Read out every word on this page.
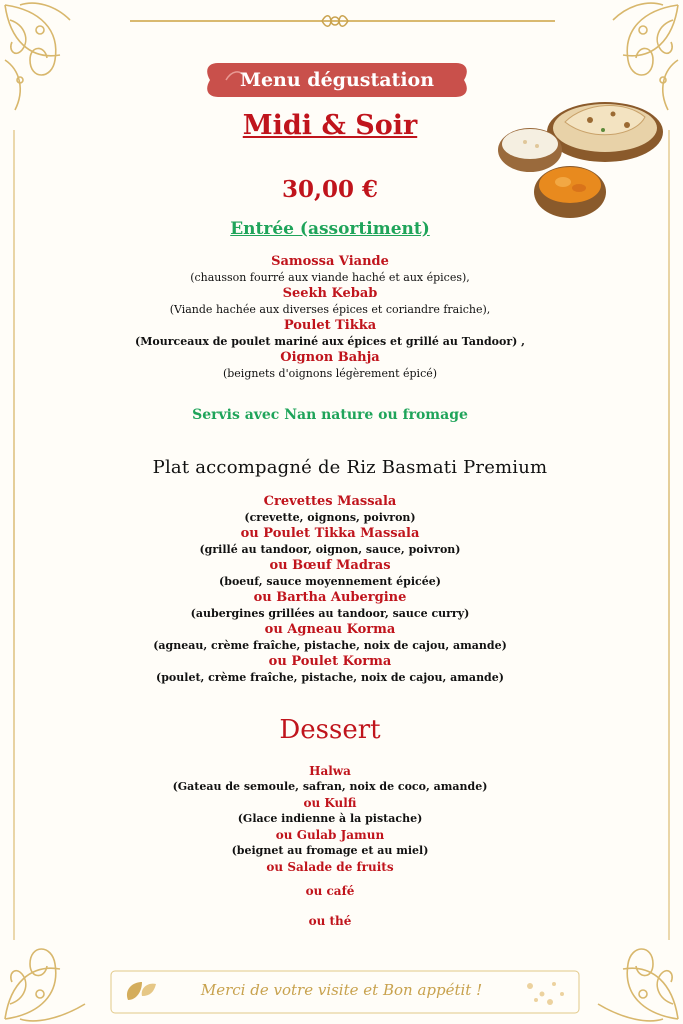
Menu dégustation
Midi & Soir
30,00 €
Entrée (assortiment)
Samossa Viande
(chausson fourré aux viande haché et aux épices),
Seekh Kebab
(Viande hachée aux diverses épices et coriandre fraiche),
Poulet Tikka
(Mourceaux de poulet mariné aux épices et grillé au Tandoor) ,
Oignon Bahja
(beignets d'oignons légèrement épicé)
Servis avec Nan nature ou fromage
Plat accompagné de Riz Basmati Premium
Crevettes Massala
(crevette, oignons, poivron)
ou Poulet Tikka Massala
(grillé au tandoor, oignon, sauce, poivron)
ou Bœuf Madras
(boeuf, sauce moyennement épicée)
ou Bartha Aubergine
(aubergines grillées au tandoor, sauce curry)
ou Agneau Korma
(agneau, crème fraîche, pistache, noix de cajou, amande)
ou Poulet Korma
(poulet, crème fraîche, pistache, noix de cajou, amande)
Dessert
Halwa
(Gateau de semoule, safran, noix de coco, amande)
ou Kulfi
(Glace indienne à la pistache)
ou Gulab Jamun
(beignet au fromage et au miel)
ou Salade de fruits
ou café
ou thé
Merci de votre visite et Bon appétit !
